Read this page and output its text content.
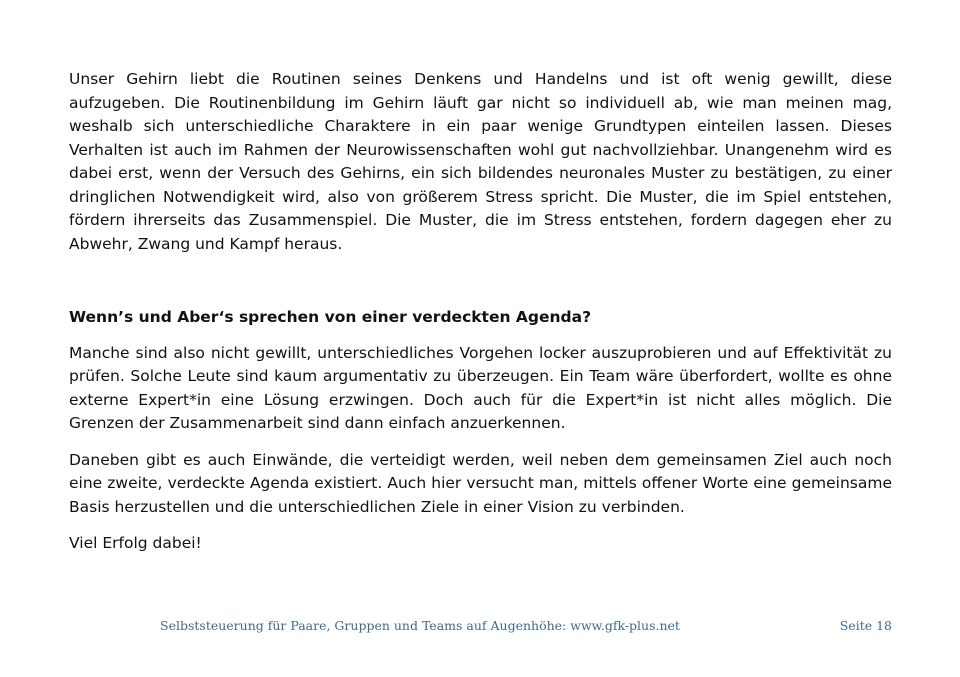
Unser Gehirn liebt die Routinen seines Denkens und Handelns und ist oft wenig gewillt, diese aufzugeben. Die Routinenbildung im Gehirn läuft gar nicht so individuell ab, wie man meinen mag, weshalb sich unterschiedliche Charaktere in ein paar wenige Grundtypen einteilen lassen. Dieses Verhalten ist auch im Rahmen der Neurowissenschaften wohl gut nachvollziehbar. Unangenehm wird es dabei erst, wenn der Versuch des Gehirns, ein sich bildendes neuronales Muster zu bestätigen, zu einer dringlichen Notwendigkeit wird, also von größerem Stress spricht. Die Muster, die im Spiel entstehen, fördern ihrerseits das Zusammenspiel. Die Muster, die im Stress entstehen, fordern dagegen eher zu Abwehr, Zwang und Kampf heraus.

Wenn’s und Aber‘s sprechen von einer verdeckten Agenda?

Manche sind also nicht gewillt, unterschiedliches Vorgehen locker auszuprobieren und auf Effektivität zu prüfen. Solche Leute sind kaum argumentativ zu überzeugen. Ein Team wäre überfordert, wollte es ohne externe Expert*in eine Lösung erzwingen. Doch auch für die Expert*in ist nicht alles möglich. Die Grenzen der Zusammenarbeit sind dann einfach anzuerkennen.

Daneben gibt es auch Einwände, die verteidigt werden, weil neben dem gemeinsamen Ziel auch noch eine zweite, verdeckte Agenda existiert. Auch hier versucht man, mittels offener Worte eine gemeinsame Basis herzustellen und die unterschiedlichen Ziele in einer Vision zu verbinden.

Viel Erfolg dabei!

Selbststeuerung für Paare, Gruppen und Teams auf Augenhöhe: www.gfk-plus.net	Seite 18
